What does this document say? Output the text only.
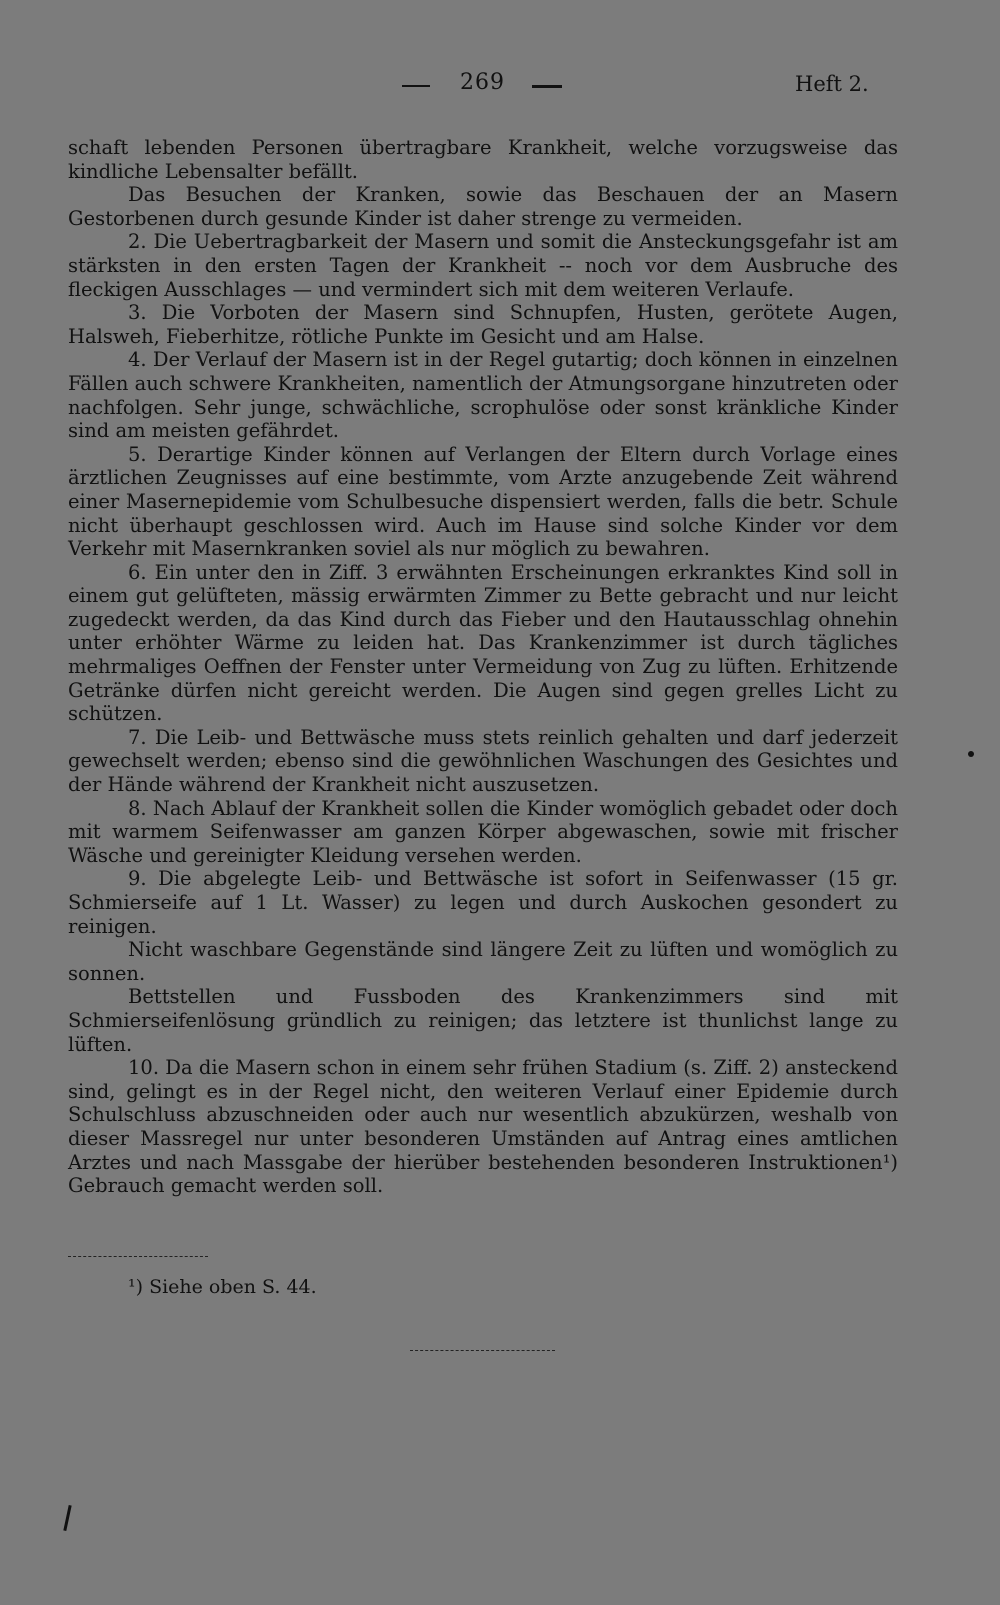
269	Heft 2.

schaft lebenden Personen übertragbare Krankheit, welche vorzugsweise das kindliche Lebensalter befällt.

Das Besuchen der Kranken, sowie das Beschauen der an Masern Gestorbenen durch gesunde Kinder ist daher strenge zu vermeiden.

2. Die Uebertragbarkeit der Masern und somit die Ansteckungsgefahr ist am stärksten in den ersten Tagen der Krankheit -- noch vor dem Ausbruche des fleckigen Ausschlages — und vermindert sich mit dem weiteren Verlaufe.

3. Die Vorboten der Masern sind Schnupfen, Husten, gerötete Augen, Halsweh, Fieberhitze, rötliche Punkte im Gesicht und am Halse.

4. Der Verlauf der Masern ist in der Regel gutartig; doch können in einzelnen Fällen auch schwere Krankheiten, namentlich der Atmungsorgane hinzutreten oder nachfolgen. Sehr junge, schwächliche, scrophulöse oder sonst kränkliche Kinder sind am meisten gefährdet.

5. Derartige Kinder können auf Verlangen der Eltern durch Vorlage eines ärztlichen Zeugnisses auf eine bestimmte, vom Arzte anzugebende Zeit während einer Masernepidemie vom Schulbesuche dispensiert werden, falls die betr. Schule nicht überhaupt geschlossen wird. Auch im Hause sind solche Kinder vor dem Verkehr mit Masernkranken soviel als nur möglich zu bewahren.

6. Ein unter den in Ziff. 3 erwähnten Erscheinungen erkranktes Kind soll in einem gut gelüfteten, mässig erwärmten Zimmer zu Bette gebracht und nur leicht zugedeckt werden, da das Kind durch das Fieber und den Hautausschlag ohnehin unter erhöhter Wärme zu leiden hat. Das Krankenzimmer ist durch tägliches mehrmaliges Oeffnen der Fenster unter Vermeidung von Zug zu lüften. Erhitzende Getränke dürfen nicht gereicht werden. Die Augen sind gegen grelles Licht zu schützen.

7. Die Leib- und Bettwäsche muss stets reinlich gehalten und darf jederzeit gewechselt werden; ebenso sind die gewöhnlichen Waschungen des Gesichtes und der Hände während der Krankheit nicht auszusetzen.

8. Nach Ablauf der Krankheit sollen die Kinder womöglich gebadet oder doch mit warmem Seifenwasser am ganzen Körper abgewaschen, sowie mit frischer Wäsche und gereinigter Kleidung versehen werden.

9. Die abgelegte Leib- und Bettwäsche ist sofort in Seifenwasser (15 gr. Schmierseife auf 1 Lt. Wasser) zu legen und durch Auskochen gesondert zu reinigen.

Nicht waschbare Gegenstände sind längere Zeit zu lüften und womöglich zu sonnen.

Bettstellen und Fussboden des Krankenzimmers sind mit Schmierseifenlösung gründlich zu reinigen; das letztere ist thunlichst lange zu lüften.

10. Da die Masern schon in einem sehr frühen Stadium (s. Ziff. 2) ansteckend sind, gelingt es in der Regel nicht, den weiteren Verlauf einer Epidemie durch Schulschluss abzuschneiden oder auch nur wesentlich abzukürzen, weshalb von dieser Massregel nur unter besonderen Umständen auf Antrag eines amtlichen Arztes und nach Massgabe der hierüber bestehenden besonderen Instruktionen¹) Gebrauch gemacht werden soll.

¹) Siehe oben S. 44.
